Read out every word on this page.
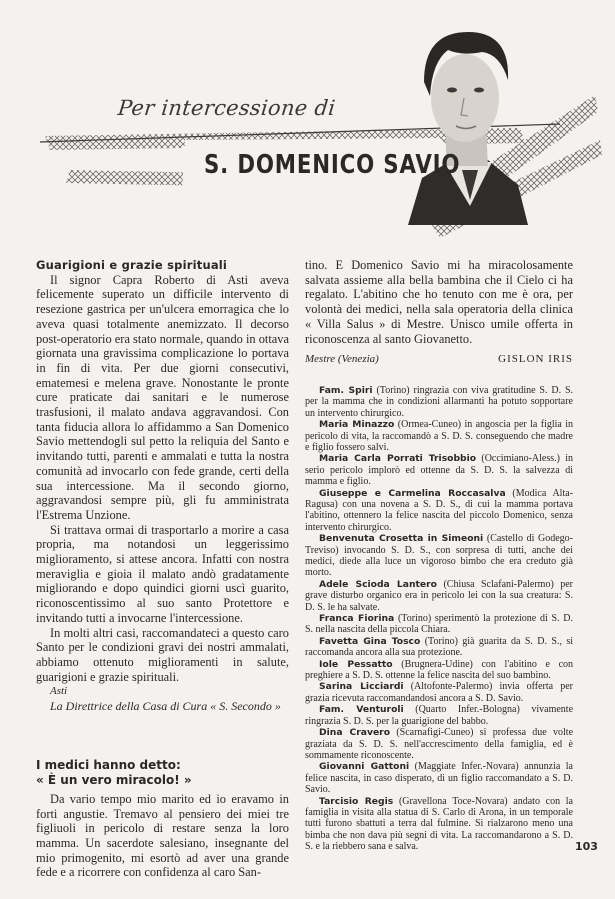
Per intercessione di
S. DOMENICO SAVIO

Guarigioni e grazie spirituali

Il signor Capra Roberto di Asti aveva felicemente superato un difficile intervento di resezione gastrica per un'ulcera emorragica che lo aveva quasi totalmente anemizzato. Il decorso post-operatorio era stato normale, quando in ottava giornata una gravissima complicazione lo portava in fin di vita. Per due giorni consecutivi, ematemesi e melena grave. Nonostante le pronte cure praticate dai sanitari e le numerose trasfusioni, il malato andava aggravandosi. Con tanta fiducia allora lo affidammo a San Domenico Savio mettendogli sul petto la reliquia del Santo e invitando tutti, parenti e ammalati e tutta la nostra comunità ad invocarlo con fede grande, certi della sua intercessione. Ma il secondo giorno, aggravandosi sempre più, gli fu amministrata l'Estrema Unzione.

Si trattava ormai di trasportarlo a morire a casa propria, ma notandosi un leggerissimo miglioramento, si attese ancora. Infatti con nostra meraviglia e gioia il malato andò gradatamente migliorando e dopo quindici giorni uscì guarito, riconoscentissimo al suo santo Protettore e invitando tutti a invocarne l'intercessione.

In molti altri casi, raccomandateci a questo caro Santo per le condizioni gravi dei nostri ammalati, abbiamo ottenuto miglioramenti in salute, guarigioni e grazie spirituali.

Asti

La Direttrice della Casa di Cura « S. Secondo »

I medici hanno detto:
« È un vero miracolo! »

Da vario tempo mio marito ed io eravamo in forti angustie. Tremavo al pensiero dei miei tre figliuoli in pericolo di restare senza la loro mamma. Un sacerdote salesiano, insegnante del mio primogenito, mi esortò ad aver una grande fede e a ricorrere con confidenza al caro San-

tino. E Domenico Savio mi ha miracolosamente salvata assieme alla bella bambina che il Cielo ci ha regalato. L'abitino che ho tenuto con me è ora, per volontà dei medici, nella sala operatoria della clinica « Villa Salus » di Mestre. Unisco umile offerta in riconoscenza al santo Giovanetto.

Mestre (Venezia)	GISLON IRIS

Fam. Spiri (Torino) ringrazia con viva gratitudine S. D. S. per la mamma che in condizioni allarmanti ha potuto sopportare un intervento chirurgico.

Maria Minazzo (Ormea-Cuneo) in angoscia per la figlia in pericolo di vita, la raccomandò a S. D. S. conseguendo che madre e figlio fossero salvi.

Maria Carla Porrati Trisobbio (Occimiano-Aless.) in serio pericolo implorò ed ottenne da S. D. S. la salvezza di mamma e figlio.

Giuseppe e Carmelina Roccasalva (Modica Alta-Ragusa) con una novena a S. D. S., di cui la mamma portava l'abitino, ottennero la felice nascita del piccolo Domenico, senza intervento chirurgico.

Benvenuta Crosetta in Simeoni (Castello di Godego-Treviso) invocando S. D. S., con sorpresa di tutti, anche dei medici, diede alla luce un vigoroso bimbo che era creduto già morto.

Adele Scioda Lantero (Chiusa Sclafani-Palermo) per grave disturbo organico era in pericolo lei con la sua creatura: S. D. S. le ha salvate.

Franca Fiorina (Torino) sperimentò la protezione di S. D. S. nella nascita della piccola Chiara.

Favetta Gina Tosco (Torino) già guarita da S. D. S., si raccomanda ancora alla sua protezione.

Iole Pessatto (Brugnera-Udine) con l'abitino e con preghiere a S. D. S. ottenne la felice nascita del suo bambino.

Sarina Licciardi (Altofonte-Palermo) invia offerta per grazia ricevuta raccomandandosi ancora a S. D. Savio.

Fam. Venturoli (Quarto Infer.-Bologna) vivamente ringrazia S. D. S. per la guarigione del babbo.

Dina Cravero (Scarnafigi-Cuneo) si professa due volte graziata da S. D. S. nell'accrescimento della famiglia, ed è sommamente riconoscente.

Giovanni Gattoni (Maggiate Infer.-Novara) annunzia la felice nascita, in caso disperato, di un figlio raccomandato a S. D. Savio.

Tarcisio Regis (Gravellona Toce-Novara) andato con la famiglia in visita alla statua di S. Carlo di Arona, in un temporale tutti furono sbattuti a terra dal fulmine. Si rialzarono meno una bimba che non dava più segni di vita. La raccomandarono a S. D. S. e la riebbero sana e salva.	103
